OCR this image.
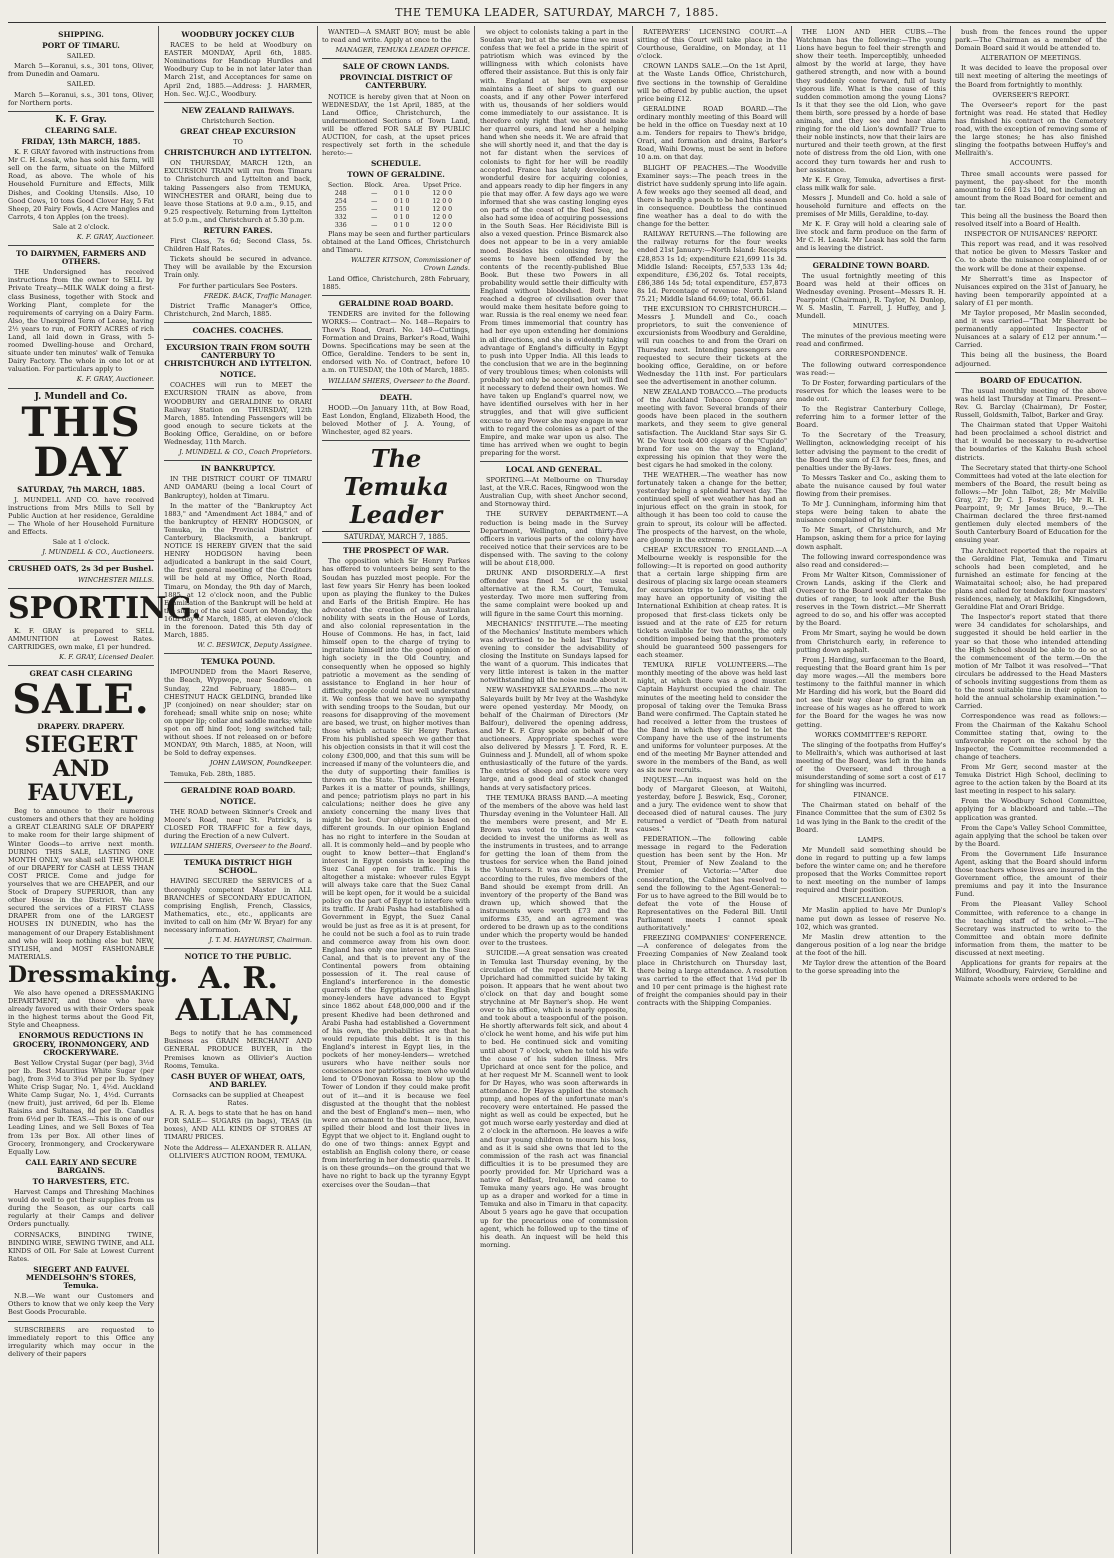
THE TEMUKA LEADER, SATURDAY, MARCH 7, 1885.
SHIPPING.
PORT OF TIMARU.

SAILED.

March 5—Koranui, s.s., 301 tons, Oliver, from Dunedin and Oamaru.

SAILED.

March 5—Koranui, s.s., 301 tons, Oliver, for Northern ports.

K. F. Gray.
CLEARING SALE.
FRIDAY, 13th MARCH, 1885.

K. F. GRAY favored with instructions from Mr C. H. Lesak, who has sold his farm, will sell on the farm, situate on the Milford Road, as above. The whole of his Household Furniture and Effects, Milk Dishes, and Cooking Utensils. Also, 10 Good Cows, 10 tons Good Clover Hay, 5 Fat Sheep, 20 Fairy Fowls, 4 Acre Mangles and Carrots, 4 ton Apples (on the trees).

Sale at 2 o'clock.

K. F. GRAY, Auctioneer.

TO DAIRYMEN, FARMERS AND OTHERS.

THE Undersigned has received instructions from the owner to SELL by Private Treaty—MILK WALK doing a first-class Business, together with Stock and Working Plant, complete for the requirements of carrying on a Dairy Farm. Also, the Unexpired Term of Lease, having 2½ years to run, of FORTY ACRES of rich Land, all laid down in Grass, with 5-roomed Dwelling-house and Orchard, situate under ten minutes' walk of Temuka Dairy Factory. The whole in one lot or at valuation. For particulars apply to

K. F. GRAY, Auctioneer.

J. Mundell and Co.
THIS DAY
SATURDAY, 7th MARCH, 1885.

J. MUNDELL AND CO. have received instructions from Mrs Mills to Sell by Public Auction at her residence, Geraldine— The Whole of her Household Furniture and Effects.

Sale at 1 o'clock.

J. MUNDELL & CO., Auctioneers.

CRUSHED OATS, 2s 3d per Bushel.

WINCHESTER MILLS.

SPORTING.

K. F. GRAY is prepared to SELL AMMUNITION at Lowest Rates. CARTRIDGES, own make, £1 per hundred.

K. F. GRAY, Licensed Dealer.

GREAT CASH CLEARING
SALE.
DRAPERY. DRAPERY.
SIEGERT AND FAUVEL,

Beg to announce to their numerous customers and others that they are holding a GREAT CLEARING SALE OF DRAPERY to make room for their large shipment of Winter Goods—to arrive next month. DURING THIS SALE, LASTING ONE MONTH ONLY, we shall sell THE WHOLE of our DRAPERY for CASH at LESS THAN COST PRICE. Come and judge for yourselves that we are CHEAPER, and our Stock of Drapery SUPERIOR, than any other House in the District. We have secured the services of a FIRST CLASS DRAPER from one of the LARGEST HOUSES IN DUNEDIN, who has the management of our Drapery Establishment and who will keep nothing else but NEW, STYLISH, and MOST FASHIONABLE MATERIALS.

Dressmaking.

We also have opened a DRESSMAKING DEPARTMENT, and those who have already favored us with their Orders speak in the highest terms about the Good Fit, Style and Cheapness.

ENORMOUS REDUCTIONS IN GROCERY, IRONMONGERY, AND CROCKERYWARE.

Best Yellow Crystal Sugar (per bag), 3½d per lb. Best Mauritius White Sugar (per bag), from 3½d to 3¾d per per lb. Sydney White Crisp Sugar, No. 1, 4½d. Auckland White Camp Sugar, No. 1, 4½d. Currants (new fruit), just arrived, 6d per lb. Eleme Raisins and Sultanas, 8d per lb. Candles from 6½d per lb. TEAS.—This is one of our Leading Lines, and we Sell Boxes of Tea from 13s per Box. All other lines of Grocery, Ironmongery, and Crockeryware Equally Low.

CALL EARLY AND SECURE BARGAINS.
TO HARVESTERS, ETC.

Harvest Camps and Threshing Machines would do well to get their supplies from us during the Season, as our carts call regularly at their Camps and deliver Orders punctually.

CORNSACKS, BINDING TWINE, BINDING WIRE, SEWING TWINE, and ALL KINDS of OIL For Sale at Lowest Current Rates.

SIEGERT AND FAUVEL MENDELSOHN'S STORES, Temuka.

N.B.—We want our Customers and Others to know that we only keep the Very Best Goods Procurable.

SUBSCRIBERS are requested to immediately report to this Office any irregularity which may occur in the delivery of their papers

WOODBURY JOCKEY CLUB

RACES to be held at Woodbury on EASTER MONDAY, April 6th, 1885. Nominations for Handicap Hurdles and Woodbury Cup to be in not later later than March 21st, and Acceptances for same on April 2nd, 1885.—Address: J. HARMER, Hon. Sec. W.J.C., Woodbury.

NEW ZEALAND RAILWAYS.

Christchurch Section.

GREAT CHEAP EXCURSION

TO

CHRISTCHURCH AND LYTTELTON.

ON THURSDAY, MARCH 12th, an EXCURSION TRAIN will run from Timaru to Christchurch and Lyttelton and back, taking Passengers also from TEMUKA, WINCHESTER and ORARI, being due to leave those Stations at 9.0 a.m., 9.15, and 9.25 respectively. Returning from Lyttelton at 5.0 p.m., and Christchurch at 5.30 p.m.

RETURN FARES.

First Class, 7s 6d; Second Class, 5s. Children Half Rates.

Tickets should be secured in advance. They will be available by the Excursion Train only.

For further particulars See Posters.

FREDK. BACK, Traffic Manager.

District Traffic Manager's Office, Christchurch, 2nd March, 1885.

COACHES. COACHES.
EXCURSION TRAIN FROM SOUTH CANTERBURY TO CHRISTCHURCH AND LYTTELTON.
NOTICE.

COACHES will run to MEET the EXCURSION TRAIN as above, from WOODBURY and GERALDINE to ORARI Railway Station on THURSDAY, 12th March, 1885. Intending Passengers will be good enough to secure tickets at the Booking Office, Geraldine, on or before Wednesday, 11th March.

J. MUNDELL & CO., Coach Proprietors.

IN BANKRUPTCY.

IN THE DISTRICT COURT OF TIMARU AND OAMARU (being a local Court of Bankruptcy), holden at Timaru.

In the matter of the "Bankruptcy Act 1883," and "Amendment Act 1884," and of the bankruptcy of HENRY HODGSON, of Temuka, in the Provincial District of Canterbury, Blacksmith, a bankrupt. NOTICE IS HEREBY GIVEN that the said HENRY HODGSON having been adjudicated a bankrupt in the said Court, the first general meeting of the Creditors will be held at my Office, North Road, Timaru, on Monday, the 9th day of March, 1885, at 12 o'clock noon, and the Public Examination of the Bankrupt will be held at the sitting of the said Court on Monday, the 16th day of March, 1885, at eleven o'clock in the forenoon. Dated this 5th day of March, 1885.

W. C. BESWICK, Deputy Assignee.

TEMUKA POUND.

IMPOUNDED from the Maori Reserve, the Beach, Wypwope, near Seadown, on Sunday, 22nd February, 1885— 1 CHESTNUT HACK GELDING, branded like JP (conjoined) on near shoulder; star on forehead; small white snip on nose; white on upper lip; collar and saddle marks; white spot on off hind foot; long switched tail; without shoes. If not released on or before MONDAY, 9th March, 1885, at Noon, will be Sold to defray expenses.

JOHN LAWSON, Poundkeeper.

Temuka, Feb. 28th, 1885.

GERALDINE ROAD BOARD.
NOTICE.

THE ROAD between Skinner's Creek and Moore's Road, near St. Patrick's, is CLOSED FOR TRAFFIC for a few days, during the Erection of a new Culvert.

WILLIAM SHIERS, Overseer to the Board.

TEMUKA DISTRICT HIGH SCHOOL.

HAVING SECURED the SERVICES of a thoroughly competent Master in ALL BRANCHES of SECONDARY EDUCATION, comprising English, French, Classics, Mathematics, etc., etc., applicants are invited to call on him (Mr W. Bryar) for any necessary information.

J. T. M. HAYHURST, Chairman.

NOTICE TO THE PUBLIC.
A. R. ALLAN,

Begs to notify that he has commenced Business as GRAIN MERCHANT AND GENERAL PRODUCE BUYER, in the Premises known as Ollivier's Auction Rooms, Temuka.

CASH BUYER OF WHEAT, OATS, AND BARLEY.

Cornsacks can be supplied at Cheapest Rates.

A. R. A. begs to state that he has on hand FOR SALE— SUGARS (in bags), TEAS (in boxes), AND ALL KINDS OF STORES AT TIMARU PRICES.

Note the Address— ALEXANDER R. ALLAN, OLLIVIER'S AUCTION ROOM, TEMUKA.

WANTED—A SMART BOY; must be able to read and write. Apply at once to the

MANAGER, TEMUKA LEADER OFFICE.

SALE OF CROWN LANDS.
PROVINCIAL DISTRICT OF CANTERBURY.

NOTICE is hereby given that at Noon on WEDNESDAY, the 1st April, 1885, at the Land Office, Christchurch, the undermentioned Sections of Town Land, will be offered FOR SALE BY PUBLIC AUCTION, for cash, at the upset prices respectively set forth in the schedule hereto:—

SCHEDULE.
TOWN OF GERALDINE.
Section.	Block.	Area.	Upset Price.
248	—	0 1 0	12 0 0
254	—	0 1 0	12 0 0
255	—	0 1 0	12 0 0
332	—	0 1 0	12 0 0
336	—	0 1 0	12 0 0

Plans may be seen and further particulars obtained at the Land Offices, Christchurch and Timaru.

WALTER KITSON, Commissioner of Crown Lands.

Land Office, Christchurch, 28th February, 1885.

GERALDINE ROAD BOARD.

TENDERS are invited for the following WORKS:— Contract— No. 148—Repairs to Thew's Road, Orari. No. 149—Cuttings, Formation and Drains, Barker's Road, Waihi Downs. Specifications may be seen at the Office, Geraldine. Tenders to be sent in, endorsed with No. of Contract, before 10 a.m. on TUESDAY, the 10th of March, 1885.

WILLIAM SHIERS, Overseer to the Board.

DEATH.

HOOD.—On January 11th, at Bow Road, East London, England, Elizabeth Hood, the beloved Mother of J. A. Young, of Winchester, aged 82 years.

The Temuka Leader
SATURDAY, MARCH 7, 1885.
THE PROSPECT OF WAR.

The opposition which Sir Henry Parkes has offered to volunteers being sent to the Soudan has puzzled most people. For the last few years Sir Henry has been looked upon as playing the flunkey to the Dukes and Earls of the British Empire. He has advocated the creation of an Australian nobility with seats in the House of Lords, and also colonial representation in the House of Commons. He has, in fact, laid himself open to the charge of trying to ingratiate himself into the good opinion of high society in the Old Country, and consequently when he opposed so highly patriotic a movement as the sending of assistance to England in her hour of difficulty, people could not well understand it. We confess that we have no sympathy with sending troops to the Soudan, but our reasons for disapproving of the movement are based, we trust, on higher motives than those which actuate Sir Henry Parkes. From his published speech we gather that his objection consists in that it will cost the colony £300,000, and that this sum will be increased if many of the volunteers die, and the duty of supporting their families is thrown on the State. Thus with Sir Henry Parkes it is a matter of pounds, shillings, and pence; patriotism plays no part in his calculations; neither does he give any anxiety concerning the many lives that might be lost. Our objection is based on different grounds. In our opinion England has no right to interfere in the Soudan at all. It is commonly held—and by people who ought to know better—that England's interest in Egypt consists in keeping the Suez Canal open for traffic. This is altogether a mistake: whoever rules Egypt will always take care that the Suez Canal will be kept open, for it would be a suicidal policy on the part of Egypt to interfere with its traffic. If Arabi Pasha had established a Government in Egypt, the Suez Canal would be just as free as it is at present, for he could not be such a fool as to ruin trade and commerce away from his own door. England has only one interest in the Suez Canal, and that is to prevent any of the Continental powers from obtaining possession of it. The real cause of England's interference in the domestic quarrels of the Egyptians is that English money-lenders have advanced to Egypt since 1862 about £48,000,000 and if the present Khedive had been dethroned and Arabi Pasha had established a Government of his own, the probabilities are that he would repudiate this debt. It is in this England's interest in Egypt lies, in the pockets of her money-lenders— wretched usurers who have neither souls nor consciences nor patriotism; men who would lend to O'Donovan Rossa to blow up the Tower of London if they could make profit out of it—and it is because we feel disgusted at the thought that the noblest and the best of England's men— men, who were an ornament to the human race, have spilled their blood and lost their lives in Egypt that we object to it. England ought to do one of two things: annex Egypt and establish an English colony there, or cease from interfering in her domestic quarrels. It is on these grounds—on the ground that we have no right to back up the tyranny Egypt exercises over the Soudan—that

we object to colonists taking a part in the Soudan war; but at the same time we must confess that we feel a pride in the spirit of patriotism which was evinced by the willingness with which colonists have offered their assistance. But this is only fair with. England at her own expense maintains a fleet of ships to guard our coasts, and if any other Power interfered with us, thousands of her soldiers would come immediately to our assistance. It is therefore only right that we should make her quarrel ours, and lend her a helping hand when she needs it. We are afraid that she will shortly need it, and that the day is not far distant when the services of colonists to fight for her will be readily accepted. France has lately developed a wonderful desire for acquiring colonies, and appears ready to dip her fingers in any pie that may offer. A few days ago we were informed that she was casting longing eyes on parts of the coast of the Red Sea, and also had some idea of acquiring possessions in the South Seas. Her Récidiviste Bill is also a vexed question. Prince Bismarck also does not appear to be in a very amiable mood. Besides his colonising fever, he seems to have been offended by the contents of the recently-published Blue Book. But these two Powers in all probability would settle their difficulty with England without bloodshed. Both have reached a degree of civilisation over that would make them hesitate before going to war. Russia is the real enemy we need fear. From times immemorial that country has had her eye upon extending her dominions in all directions, and she is evidently taking advantage of England's difficulty in Egypt to push into Upper India. All this leads to the conclusion that we are in the beginning of very troublous times; when colonists will probably not only be accepted, but will find it necessary to defend their own homes. We have taken up England's quarrel now, we have identified ourselves with her in her struggles, and that will give sufficient excuse to any Power she may engage in war with to regard the colonies as a part of the Empire, and make war upon us also. The time has arrived when we ought to begin preparing for the worst.

LOCAL AND GENERAL.

SPORTING.—At Melbourne on Thursday last, at the V.R.C. Races, Ringwood won the Australian Cup, with sheet Anchor second, and Stornoway third.

THE SURVEY DEPARTMENT.—A reduction is being made in the Survey Department, Wellington, and thirty-five officers in various parts of the colony have received notice that their services are to be dispensed with. The saving to the colony will be about £18,000.

DRUNK AND DISORDERLY.—A first offender was fined 5s or the usual alternative at the R.M. Court, Temuka, yesterday. Two more men suffering from the same complaint were booked up and will figure in the same Court this morning.

MECHANICS' INSTITUTE.—The meeting of the Mechanics' Institute members which was advertised to be held last Thursday evening to consider the advisability of closing the Institute on Sundays lapsed for the want of a quorum. This indicates that very little interest is taken in the matter notwithstanding all the noise made about it.

NEW WASHDYKE SALEYARDS.—The new Saleyards built by Mr Ivey at the Washdyke were opened yesterday. Mr Moody, on behalf of the Chairman of Directors (Mr Balfour), delivered the opening address, and Mr K. F. Gray spoke on behalf of the auctioneers. Appropriate speeches were also delivered by Messrs J. T. Ford, R. E. Guinness and J. Mundell, all of whom spoke enthusiastically of the future of the yards. The entries of sheep and cattle were very large, and a good deal of stock changed hands at very satisfactory prices.

THE TEMUKA BRASS BAND.—A meeting of the members of the above was held last Thursday evening in the Volunteer Hall. All the members were present, and Mr E. Brown was voted to the chair. It was decided to invest the uniforms as well as the instruments in trustees, and to arrange for getting the loan of them from the trustees for service when the Band joined the Volunteers. It was also decided that, according to the rules, five members of the Band should be exempt from drill. An inventory of the property of the Band was drawn up, which showed that the instruments were worth £73 and the uniforms £35, and an agreement was ordered to be drawn up as to the conditions under which the property would be handed over to the trustees.

SUICIDE.—A great sensation was created in Temuka last Thursday evening, by the circulation of the report that Mr W. R. Uprichard had committed suicide by taking poison. It appears that he went about two o'clock on that day and bought some strychnine at Mr Bayner's shop. He went over to his office, which is nearly opposite, and took about a teaspoonful of the poison. He shortly afterwards felt sick, and about 4 o'clock he went home, and his wife put him to bed. He continued sick and vomiting until about 7 o'clock, when he told his wife the cause of his sudden illness. Mrs Uprichard at once sent for the police, and at her request Mr M. Scannell went to look for Dr Hayes, who was soon afterwards in attendance. Dr Hayes applied the stomach pump, and hopes of the unfortunate man's recovery were entertained. He passed the night as well as could be expected, but he got much worse early yesterday and died at 2 o'clock in the afternoon. He leaves a wife and four young children to mourn his loss, and as it is said she owns that led to the commission of the rash act was financial difficulties it is to be presumed they are poorly provided for. Mr Uprichard was a native of Belfast, Ireland, and came to Temuka many years ago. He was brought up as a draper and worked for a time in Temuka and also in Timaru in that capacity. About 5 years ago he gave that occupation up for the precarious one of commission agent, which he followed up to the time of his death. An inquest will be held this morning.

RATEPAYERS' LICENSING COURT.—A sitting of this Court will take place in the Courthouse, Geraldine, on Monday, at 11 o'clock.

CROWN LANDS SALE.—On the 1st April, at the Waste Lands Office, Christchurch, five sections in the township of Geraldine will be offered by public auction, the upset price being £12.

GERALDINE ROAD BOARD.—The ordinary monthly meeting of this Board will be held in the office on Tuesday next at 10 a.m. Tenders for repairs to Thew's bridge, Orari, and formation and drains, Barker's Road, Waihi Downs, must be sent in before 10 a.m. on that day.

BLIGHT OF PEACHES.—The Woodville Examiner says:—The peach trees in the district have suddenly sprung into life again. A few weeks ago they seemed all dead, and there is hardly a peach to be had this season in consequence. Doubtless the continued fine weather has a deal to do with the change for the better.

RAILWAY RETURNS.—The following are the railway returns for the four weeks ended 21st January:—North Island: Receipts £28,853 1s 1d; expenditure £21,699 11s 3d. Middle Island: Receipts, £57,533 13s 4d; expenditure, £36,202 6s. Total receipts, £86,386 14s 5d; total expenditure, £57,873 8s 1d. Percentage of revenue: North Island 75.21; Middle Island 64.69; total, 66.61.

THE EXCURSION TO CHRISTCHURCH.—Messrs J. Mundell and Co., coach proprietors, to suit the convenience of excursionists from Woodbury and Geraldine, will run coaches to and from the Orari on Thursday next. Intending passengers are requested to secure their tickets at the booking office, Geraldine, on or before Wednesday the 11th inst. For particulars see the advertisement in another column.

NEW ZEALAND TOBACCO.—The products of the Auckland Tobacco Company are meeting with favor. Several brands of their goods have been placed in the southern markets, and they seem to give general satisfaction. The Auckland Star says Sir G. W. De Veux took 400 cigars of the "Cupido" brand for use on the way to England, expressing his opinion that they were the best cigars he had smoked in the colony.

THE WEATHER.—The weather has now fortunately taken a change for the better, yesterday being a splendid harvest day. The continued spell of wet weather has had an injurious effect on the grain in stook, for although it has been too cold to cause the grain to sprout, its colour will be affected. The prospects of the harvest, on the whole, are gloomy in the extreme.

CHEAP EXCURSION TO ENGLAND.—A Melbourne weekly is responsible for the following:—It is reported on good authority that a certain large shipping firm are desirous of placing six large ocean steamers for excursion trips to London, so that all may have an opportunity of visiting the International Exhibition at cheap rates. It is proposed that first-class tickets only be issued and at the rate of £25 for return tickets available for two months, the only condition imposed being that the promoters should be guaranteed 500 passengers for each steamer.

TEMUKA RIFLE VOLUNTEERS.—The monthly meeting of the above was held last night, at which there was a good muster. Captain Hayhurst occupied the chair. The minutes of the meeting held to consider the proposal of taking over the Temuka Brass Band were confirmed. The Captain stated he had received a letter from the trustees of the Band in which they agreed to let the Company have the use of the instruments and uniforms for volunteer purposes. At the end of the meeting Mr Bayner attended and swore in the members of the Band, as well as six new recruits.

INQUEST.—An inquest was held on the body of Margaret Gleeson, at Waitohi, yesterday, before J. Beswick, Esq., Coroner, and a jury. The evidence went to show that deceased died of natural causes. The jury returned a verdict of "Death from natural causes."

FEDERATION.—The following cable message in regard to the Federation question has been sent by the Hon. Mr Stout, Premier of New Zealand to the Premier of Victoria:—"After due consideration, the Cabinet has resolved to send the following to the Agent-General:—For us to have agreed to the Bill would be to defeat the vote of the House of Representatives on the Federal Bill. Until Parliament meets I cannot speak authoritatively."

FREEZING COMPANIES' CONFERENCE.—A conference of delegates from the Freezing Companies of New Zealand took place in Christchurch on Thursday last, there being a large attendance. A resolution was carried to the effect that 1¼d per lb and 10 per cent primage is the highest rate of freight the companies should pay in their contracts with the Shipping Companies.

THE LION AND HER CUBS.—The Watchman has the following:—The young Lions have begun to feel their strength and show their teeth. Imperceptibly, unheeded almost by the world at large, they have gathered strength, and now with a bound they suddenly come forward, full of lusty vigorous life. What is the cause of this sudden commotion among the young Lions? Is it that they see the old Lion, who gave them birth, sore pressed by a horde of base animals, and they see and hear alarm ringing for the old Lion's downfall? True to their noble instincts, now that their lairs are nurtured and their teeth grown, at the first note of distress from the old Lion, with one accord they turn towards her and rush to her assistance.

Mr K. F. Gray, Temuka, advertises a first-class milk walk for sale.

Messrs J. Mundell and Co. hold a sale of household furniture and effects on the premises of Mr Mills, Geraldine, to-day.

Mr K. F. Gray will hold a clearing sale of live stock and farm produce on the farm of Mr C. H. Leask. Mr Leask has sold the farm and is leaving the district.

GERALDINE TOWN BOARD.

The usual fortnightly meeting of this Board was held at their offices on Wednesday evening. Present—Messrs R. H. Pearpoint (Chairman), R. Taylor, N. Dunlop, W. S. Maslin, T. Farrell, J. Huffey, and J. Mundell.

MINUTES.

The minutes of the previous meeting were read and confirmed.

CORRESPONDENCE.

The following outward correspondence was read:—

To Dr Foster, forwarding particulars of the reserves for which the leases were to be made out.

To the Registrar Canterbury College, referring him to a former letter of the Board.

To the Secretary of the Treasury, Wellington, acknowledging receipt of his letter advising the payment to the credit of the Board the sum of £3 for fees, fines, and penalties under the By-laws.

To Messrs Tasker and Co., asking them to abate the nuisance caused by foul water flowing from their premises.

To Mr J. Cunningham, informing him that steps were being taken to abate the nuisance complained of by him.

To Mr Smart, of Christchurch, and Mr Hampson, asking them for a price for laying down asphalt.

The following inward correspondence was also read and considered:—

From Mr Walter Kitson, Commissioner of Crown Lands, asking if the Clerk and Overseer to the Board would undertake the duties of ranger, to look after the Bush reserves in the Town district.—Mr Sherratt agreed to do so, and his offer was accepted by the Board.

From Mr Smart, saying he would be down from Christchurch early, in reference to putting down asphalt.

From J. Harding, surfaceman to the Board, requesting that the Board grant him 1s per day more wages.—All the members bore testimony to the faithful manner in which Mr Harding did his work, but the Board did not see their way clear to grant him an increase of his wages as he offered to work for the Board for the wages he was now getting.

WORKS COMMITTEE'S REPORT.

The slinging of the footpaths from Huffey's to Mellraith's, which was authorised at last meeting of the Board, was left in the hands of the Overseer, and through a misunderstanding of some sort a cost of £17 for shingling was incurred.

FINANCE.

The Chairman stated on behalf of the Finance Committee that the sum of £302 5s 1d was lying in the Bank to the credit of the Board.

LAMPS.

Mr Mundell said something should be done in regard to putting up a few lamps before the winter came on; and he therefore proposed that the Works Committee report to next meeting on the number of lamps required and their position.

MISCELLANEOUS.

Mr Maslin applied to have Mr Dunlop's name put down as lessee of reserve No. 102, which was granted.

Mr Maslin drew attention to the dangerous position of a log near the bridge at the foot of the hill.

Mr Taylor drew the attention of the Board to the gorse spreading into the

bush from the fences round the upper park.—The Chairman as a member of the Domain Board said it would be attended to.

ALTERATION OF MEETINGS.

It was decided to leave the proposal over till next meeting of altering the meetings of the Board from fortnightly to monthly.

OVERSEER'S REPORT.

The Overseer's report for the past fortnight was read. He stated that Hedley has finished his contract on the Cemetery road, with the exception of removing some of the large stones; he has also finished slinging the footpaths between Huffey's and Mellraith's.

ACCOUNTS.

Three small accounts were passed for payment, the pay-sheet for the month amounting to £68 12s 10d, not including an amount from the Road Board for cement and tar.

This being all the business the Board then resolved itself into a Board of Health.

INSPECTOR OF NUISANCES' REPORT.

This report was read, and it was resolved that notice be given to Messrs Tasker and Co. to abate the nuisance complained of or the work will be done at their expense.

Mr Sherratt's time as Inspector of Nuisances expired on the 31st of January, he having been temporarily appointed at a salary of £1 per month.

Mr Taylor proposed, Mr Maslin seconded, and it was carried—"That Mr Sherratt be permanently appointed Inspector of Nuisances at a salary of £12 per annum."—Carried.

This being all the business, the Board adjourned.

BOARD OF EDUCATION.

The usual monthly meeting of the above was held last Thursday at Timaru. Present—Rev. G. Barclay (Chairman), Dr Foster, Russell, Goldsmith, Talbot, Barker and Gray.

The Chairman stated that Upper Waitohi had been proclaimed a school district and that it would be necessary to re-advertise the boundaries of the Kakahu Bush school districts.

The Secretary stated that thirty-one School Committees had voted at the late election for members of the Board, the result being as follows:—Mr John Talbot, 28; Mr Melville Gray, 27; Dr C. J. Foster, 16; Mr R. H. Pearpoint, 9; Mr James Bruce, 9.—The Chairman declared the three first-named gentlemen duly elected members of the South Canterbury Board of Education for the ensuing year.

The Architect reported that the repairs at the Geraldine Flat, Temuka and Timaru schools had been completed, and he furnished an estimate for fencing at the Waimataitai school; also, he had prepared plans and called for tenders for four masters' residences, namely, at Makikihi, Kingsdown, Geraldine Flat and Orari Bridge.

The Inspector's report stated that there were 34 candidates for scholarships, and suggested it should be held earlier in the year so that those who intended attending the High School should be able to do so at the commencement of the term.—On the motion of Mr Talbot it was resolved—"That circulars be addressed to the Head Masters of schools inviting suggestions from them as to the most suitable time in their opinion to hold the annual scholarship examination."—Carried.

Correspondence was read as follows:—From the Chairman of the Kakahu School Committee stating that, owing to the unfavorable report on the school by the Inspector, the Committee recommended a change of teachers.

From Mr Gerr, second master at the Temuka District High School, declining to agree to the action taken by the Board at its last meeting in respect to his salary.

From the Woodbury School Committee, applying for a blackboard and table.—The application was granted.

From the Cape's Valley School Committee, again applying that the school be taken over by the Board.

From the Government Life Insurance Agent, asking that the Board should inform those teachers whose lives are insured in the Government office, the amount of their premiums and pay it into the Insurance Fund.

From the Pleasant Valley School Committee, with reference to a change in the teaching staff of the school.—The Secretary was instructed to write to the Committee and obtain more definite information from them, the matter to be discussed at next meeting.

Applications for grants for repairs at the Milford, Woodbury, Fairview, Geraldine and Waimate schools were ordered to be
